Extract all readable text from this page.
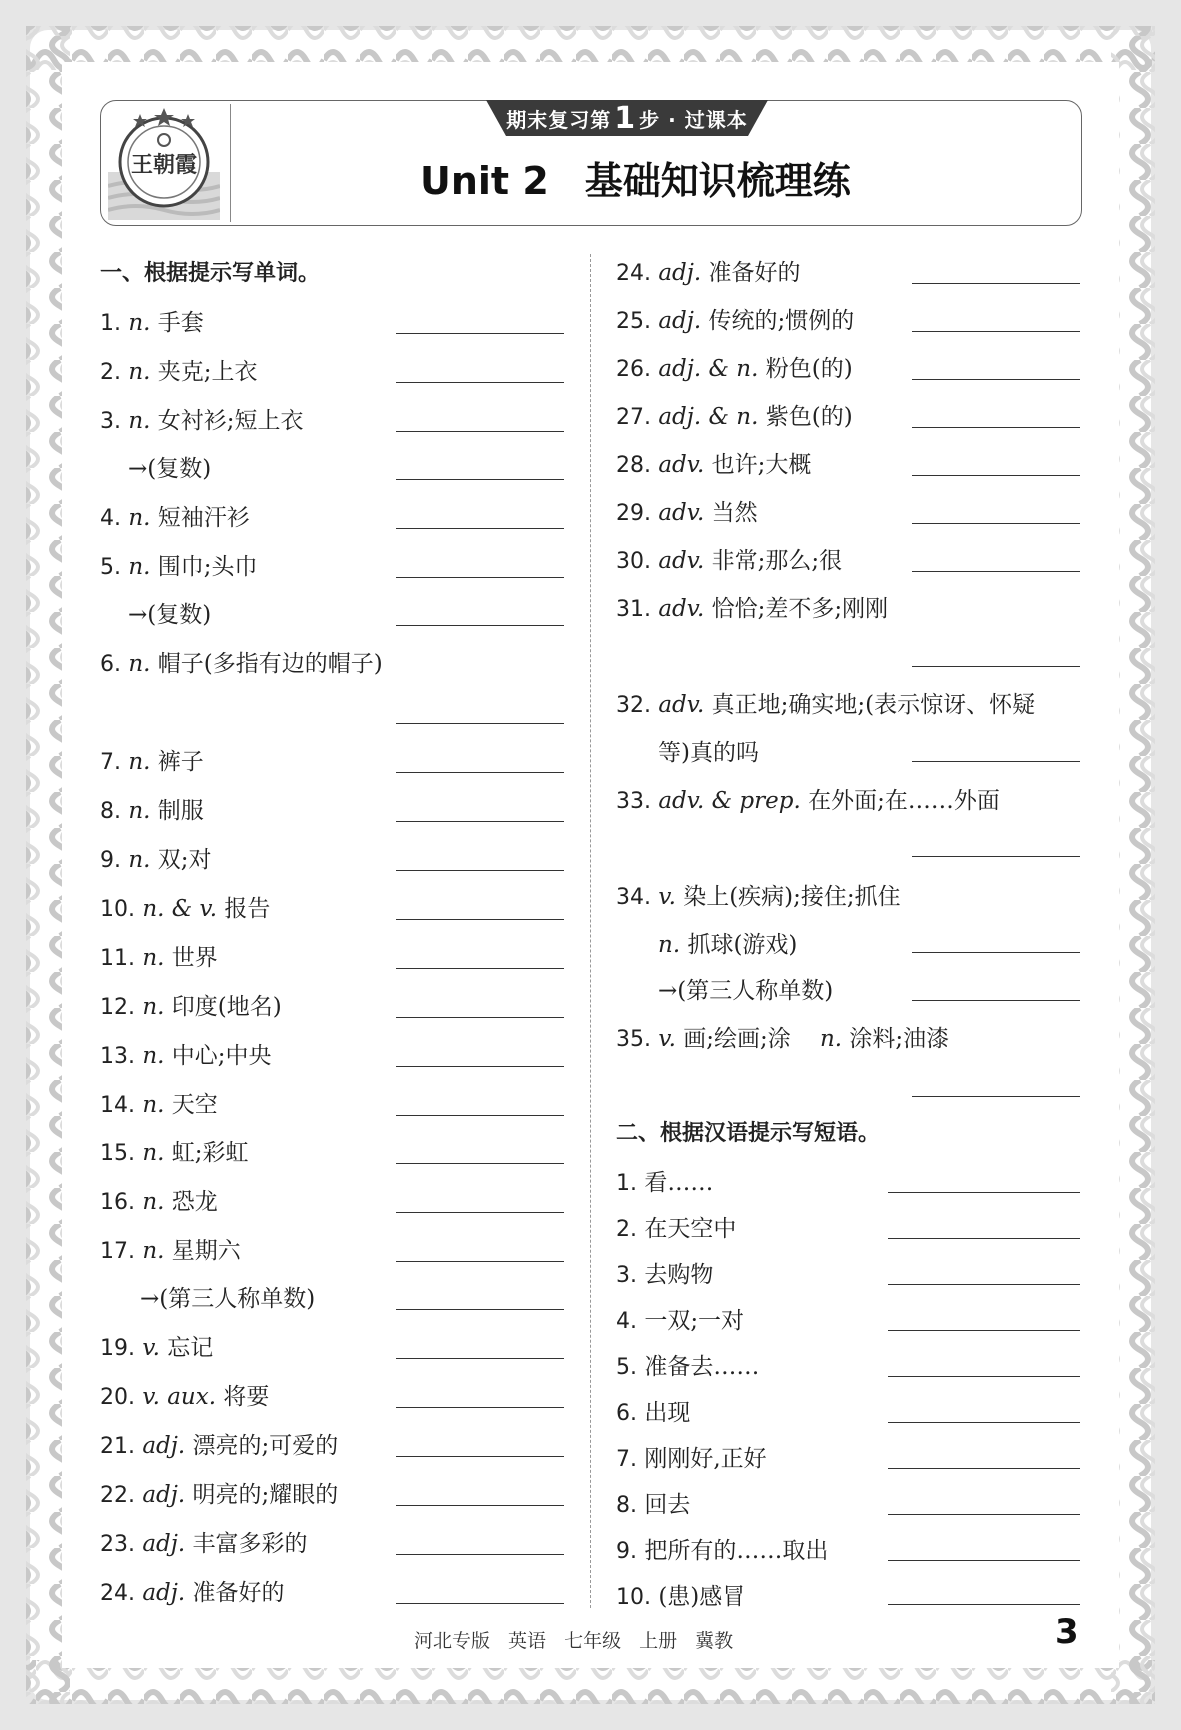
王朝霞
期末复习第 1 步 · 过课本
Unit 2 基础知识梳理练
一、根据提示写单词。
1. n. 手套
2. n. 夹克;上衣
3. n. 女衬衫;短上衣
→(复数)
4. n. 短袖汗衫
5. n. 围巾;头巾
→(复数)
6. n. 帽子(多指有边的帽子)
7. n. 裤子
8. n. 制服
9. n. 双;对
10. n. & v. 报告
11. n. 世界
12. n. 印度(地名)
13. n. 中心;中央
14. n. 天空
15. n. 虹;彩虹
16. n. 恐龙
17. n. 星期六
→(第三人称单数)
19. v. 忘记
20. v. aux. 将要
21. adj. 漂亮的;可爱的
22. adj. 明亮的;耀眼的
23. adj. 丰富多彩的
24. adj. 准备好的
24. adj. 准备好的
25. adj. 传统的;惯例的
26. adj. & n. 粉色(的)
27. adj. & n. 紫色(的)
28. adv. 也许;大概
29. adv. 当然
30. adv. 非常;那么;很
31. adv. 恰恰;差不多;刚刚
32. adv. 真正地;确实地;(表示惊讶、怀疑
等)真的吗
33. adv. & prep. 在外面;在……外面
34. v. 染上(疾病);接住;抓住
n. 抓球(游戏)
→(第三人称单数)
35. v. 画;绘画;涂 n. 涂料;油漆
二、根据汉语提示写短语。
1. 看……
2. 在天空中
3. 去购物
4. 一双;一对
5. 准备去……
6. 出现
7. 刚刚好,正好
8. 回去
9. 把所有的……取出
10. (患)感冒
河北专版 英语 七年级 上册 冀教	3
